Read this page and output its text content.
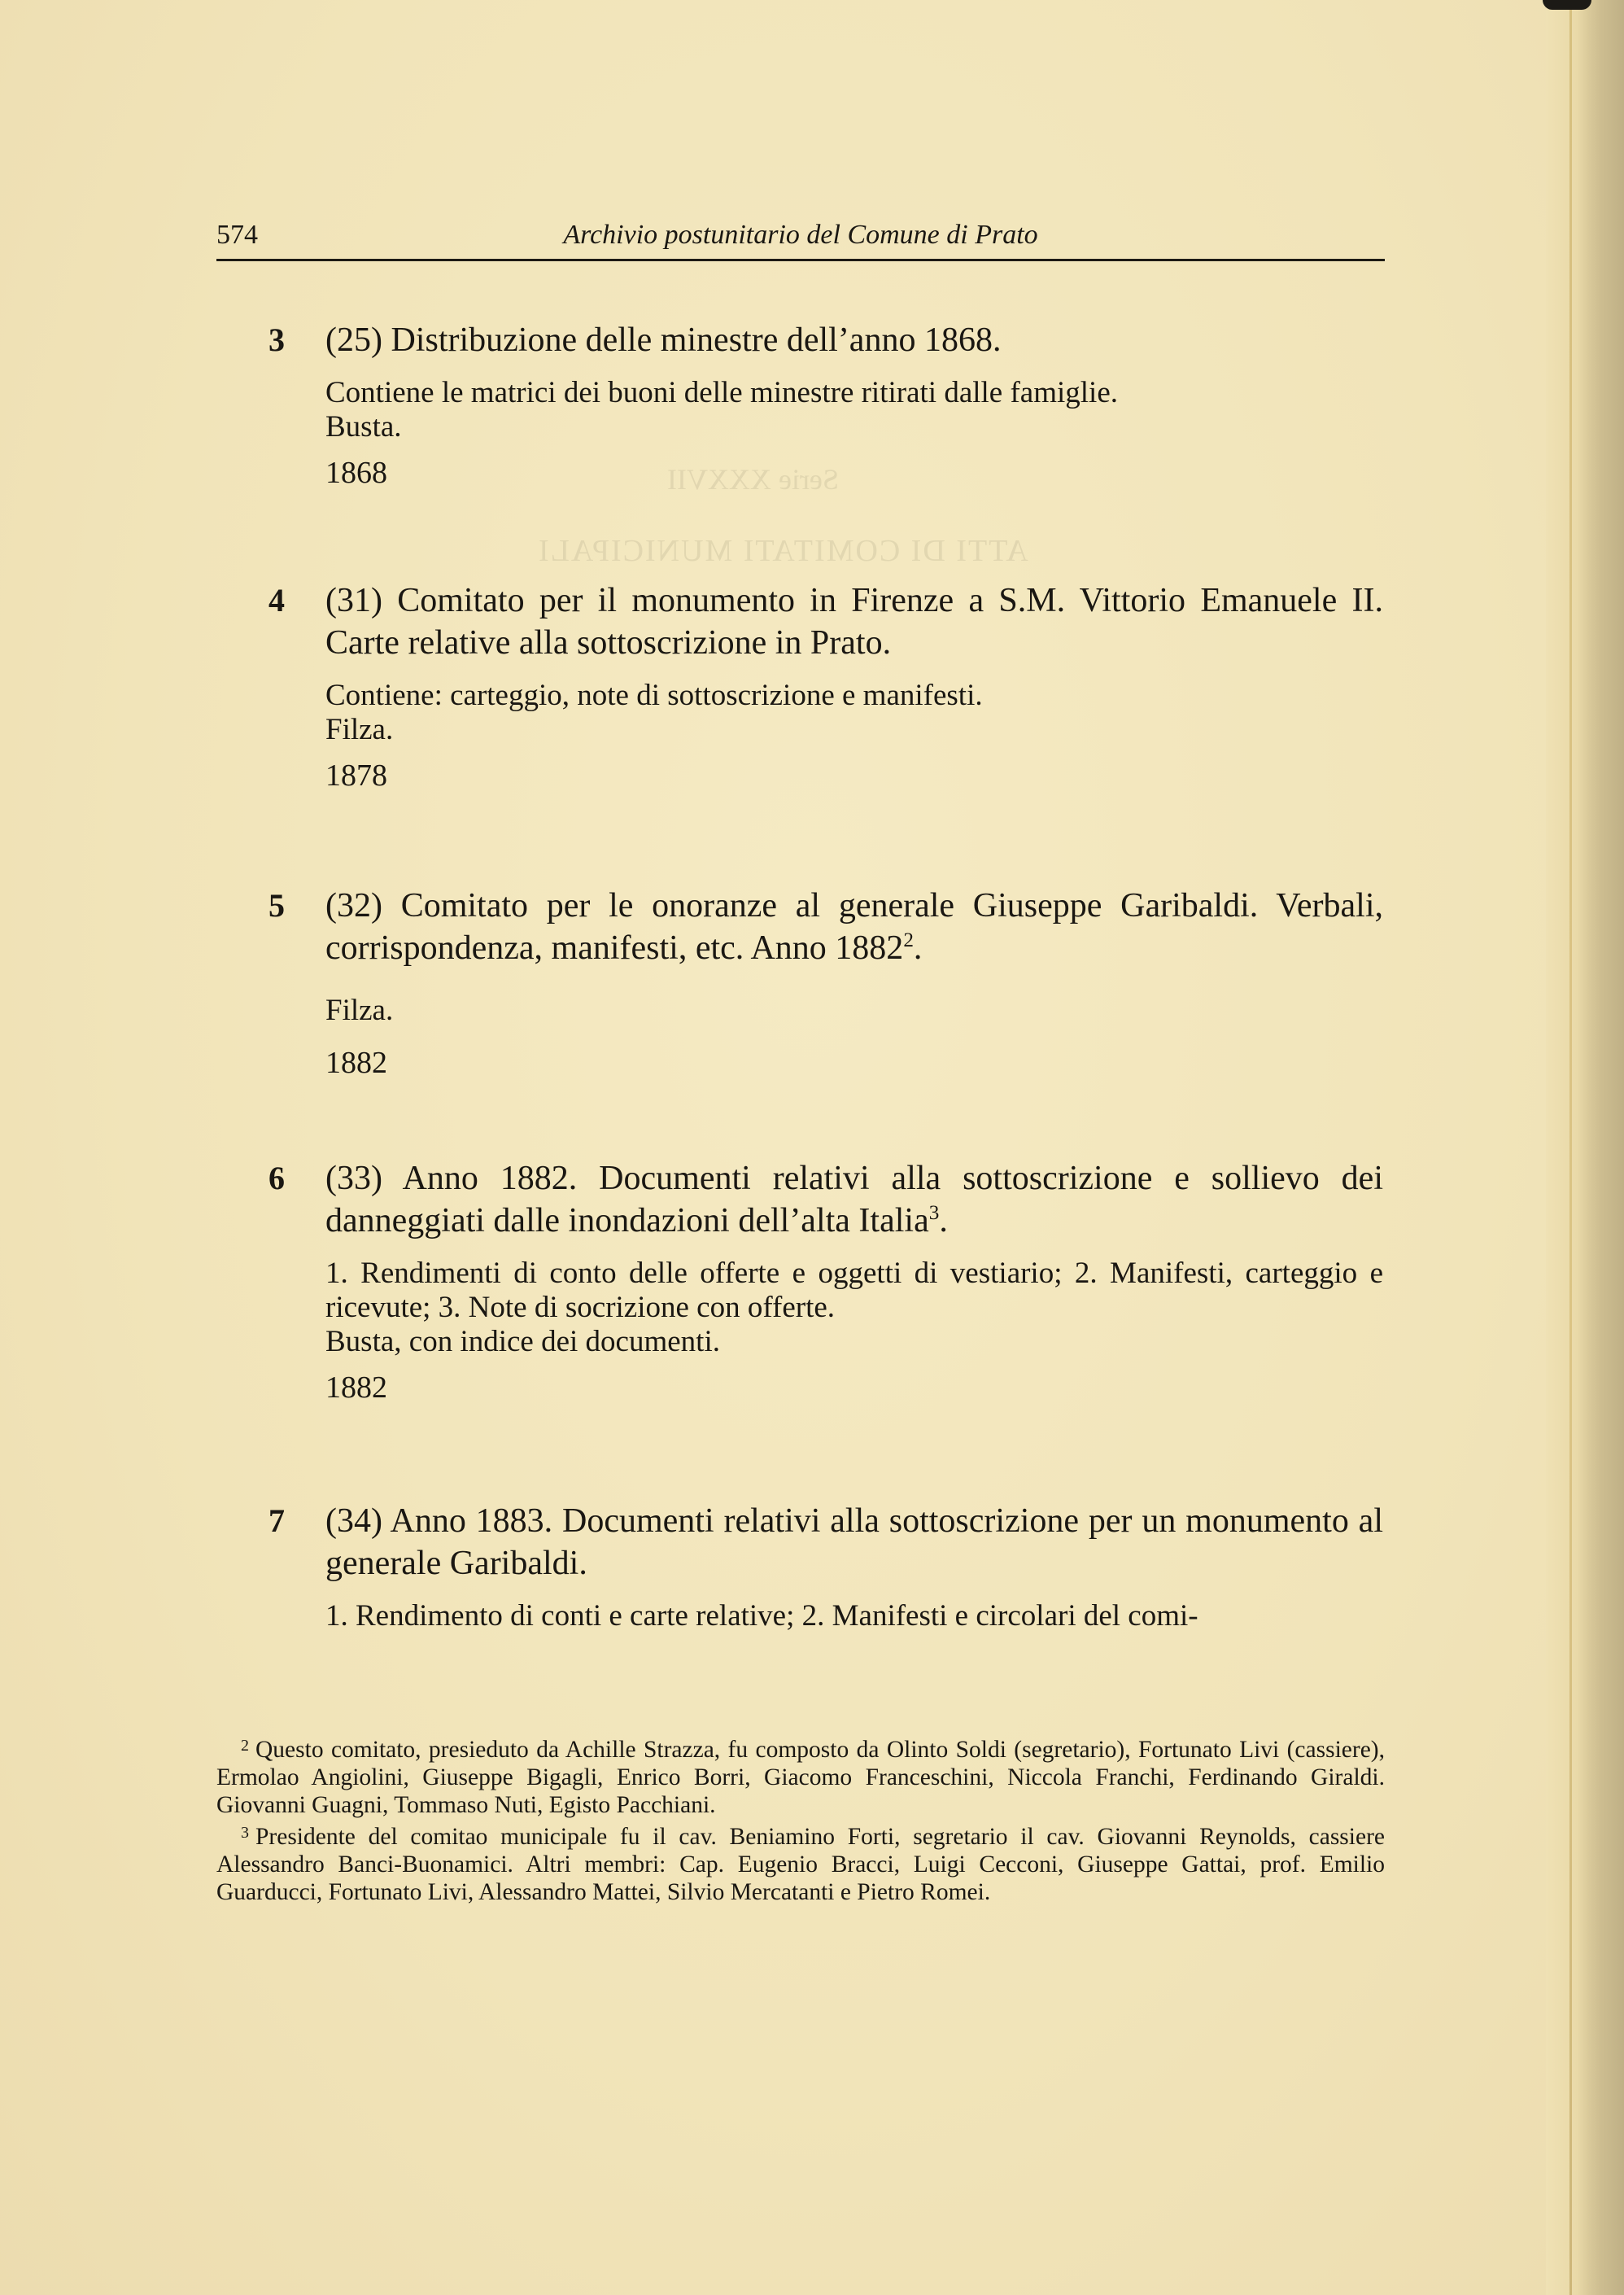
574	Archivio postunitario del Comune di Prato
3 (25) Distribuzione delle minestre dell’anno 1868.
Contiene le matrici dei buoni delle minestre ritirati dalle famiglie.
Busta.
1868
4 (31) Comitato per il monumento in Firenze a S.M. Vittorio Emanuele II. Carte relative alla sottoscrizione in Prato.
Contiene: carteggio, note di sottoscrizione e manifesti.
Filza.
1878
5 (32) Comitato per le onoranze al generale Giuseppe Garibaldi. Verbali, corrispondenza, manifesti, etc. Anno 1882$^2$.
Filza.
1882
6 (33) Anno 1882. Documenti relativi alla sottoscrizione e sollievo dei danneggiati dalle inondazioni dell’alta Italia$^3$.
1. Rendimenti di conto delle offerte e oggetti di vestiario; 2. Manifesti, carteggio e ricevute; 3. Note di socrizione con offerte.
Busta, con indice dei documenti.
1882
7 (34) Anno 1883. Documenti relativi alla sottoscrizione per un monumento al generale Garibaldi.
1. Rendimento di conti e carte relative; 2. Manifesti e circolari del comi-
$^2$ Questo comitato, presieduto da Achille Strazza, fu composto da Olinto Soldi (segretario), Fortunato Livi (cassiere), Ermolao Angiolini, Giuseppe Bigagli, Enrico Borri, Giacomo Franceschini, Niccola Franchi, Ferdinando Giraldi. Giovanni Guagni, Tommaso Nuti, Egisto Pacchiani.
$^3$ Presidente del comitao municipale fu il cav. Beniamino Forti, segretario il cav. Giovanni Reynolds, cassiere Alessandro Banci-Buonamici. Altri membri: Cap. Eugenio Bracci, Luigi Cecconi, Giuseppe Gattai, prof. Emilio Guarducci, Fortunato Livi, Alessandro Mattei, Silvio Mercatanti e Pietro Romei.
